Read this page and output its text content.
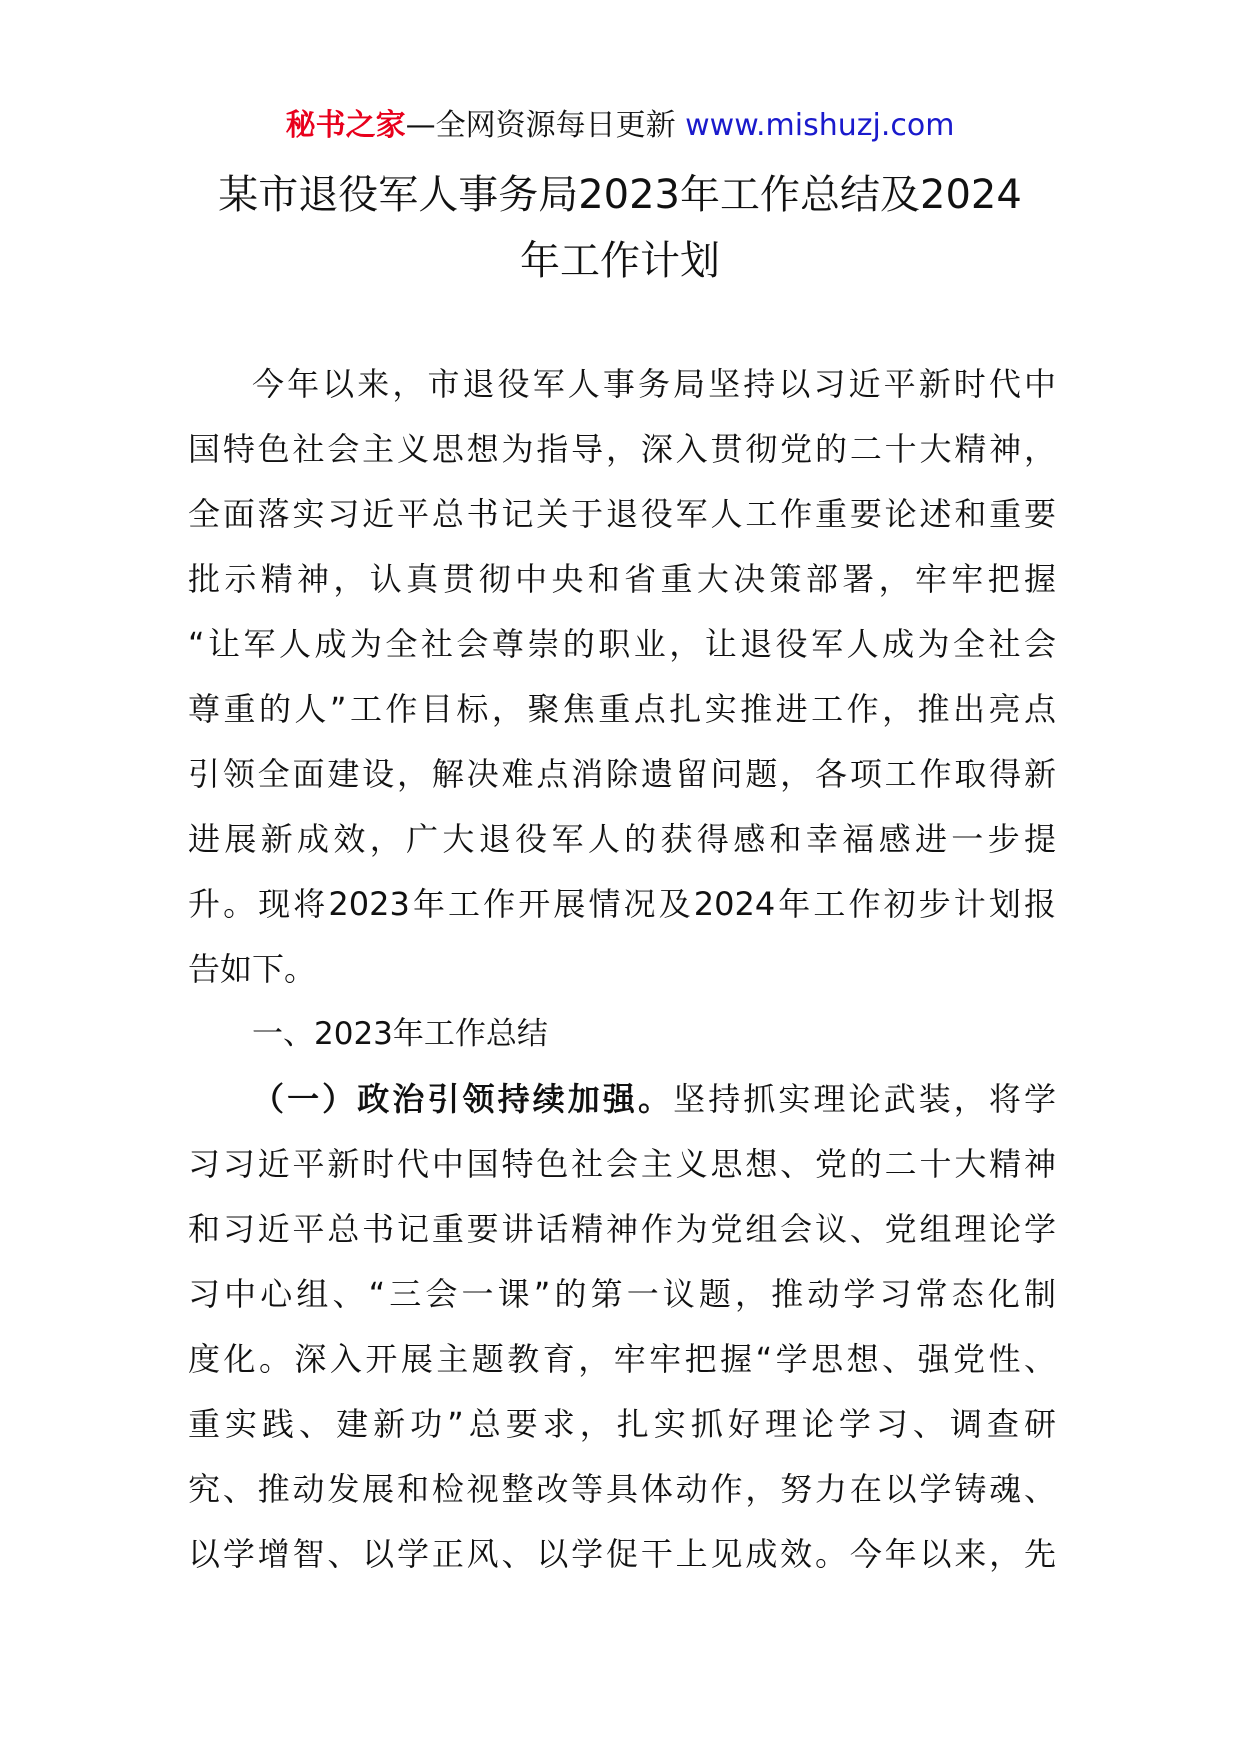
秘书之家—全网资源每日更新 www.mishuzj.com
某市退役军人事务局2023年工作总结及2024
年工作计划
今年以来，市退役军人事务局坚持以习近平新时代中
国特色社会主义思想为指导，深入贯彻党的二十大精神，
全面落实习近平总书记关于退役军人工作重要论述和重要
批示精神，认真贯彻中央和省重大决策部署，牢牢把握
“让军人成为全社会尊崇的职业，让退役军人成为全社会
尊重的人”工作目标，聚焦重点扎实推进工作，推出亮点
引领全面建设，解决难点消除遗留问题，各项工作取得新
进展新成效，广大退役军人的获得感和幸福感进一步提
升。现将2023年工作开展情况及2024年工作初步计划报
告如下。
一、2023年工作总结
（一）政治引领持续加强。坚持抓实理论武装，将学
习习近平新时代中国特色社会主义思想、党的二十大精神
和习近平总书记重要讲话精神作为党组会议、党组理论学
习中心组、“三会一课”的第一议题，推动学习常态化制
度化。深入开展主题教育，牢牢把握“学思想、强党性、
重实践、建新功”总要求，扎实抓好理论学习、调查研
究、推动发展和检视整改等具体动作，努力在以学铸魂、
以学增智、以学正风、以学促干上见成效。今年以来，先
